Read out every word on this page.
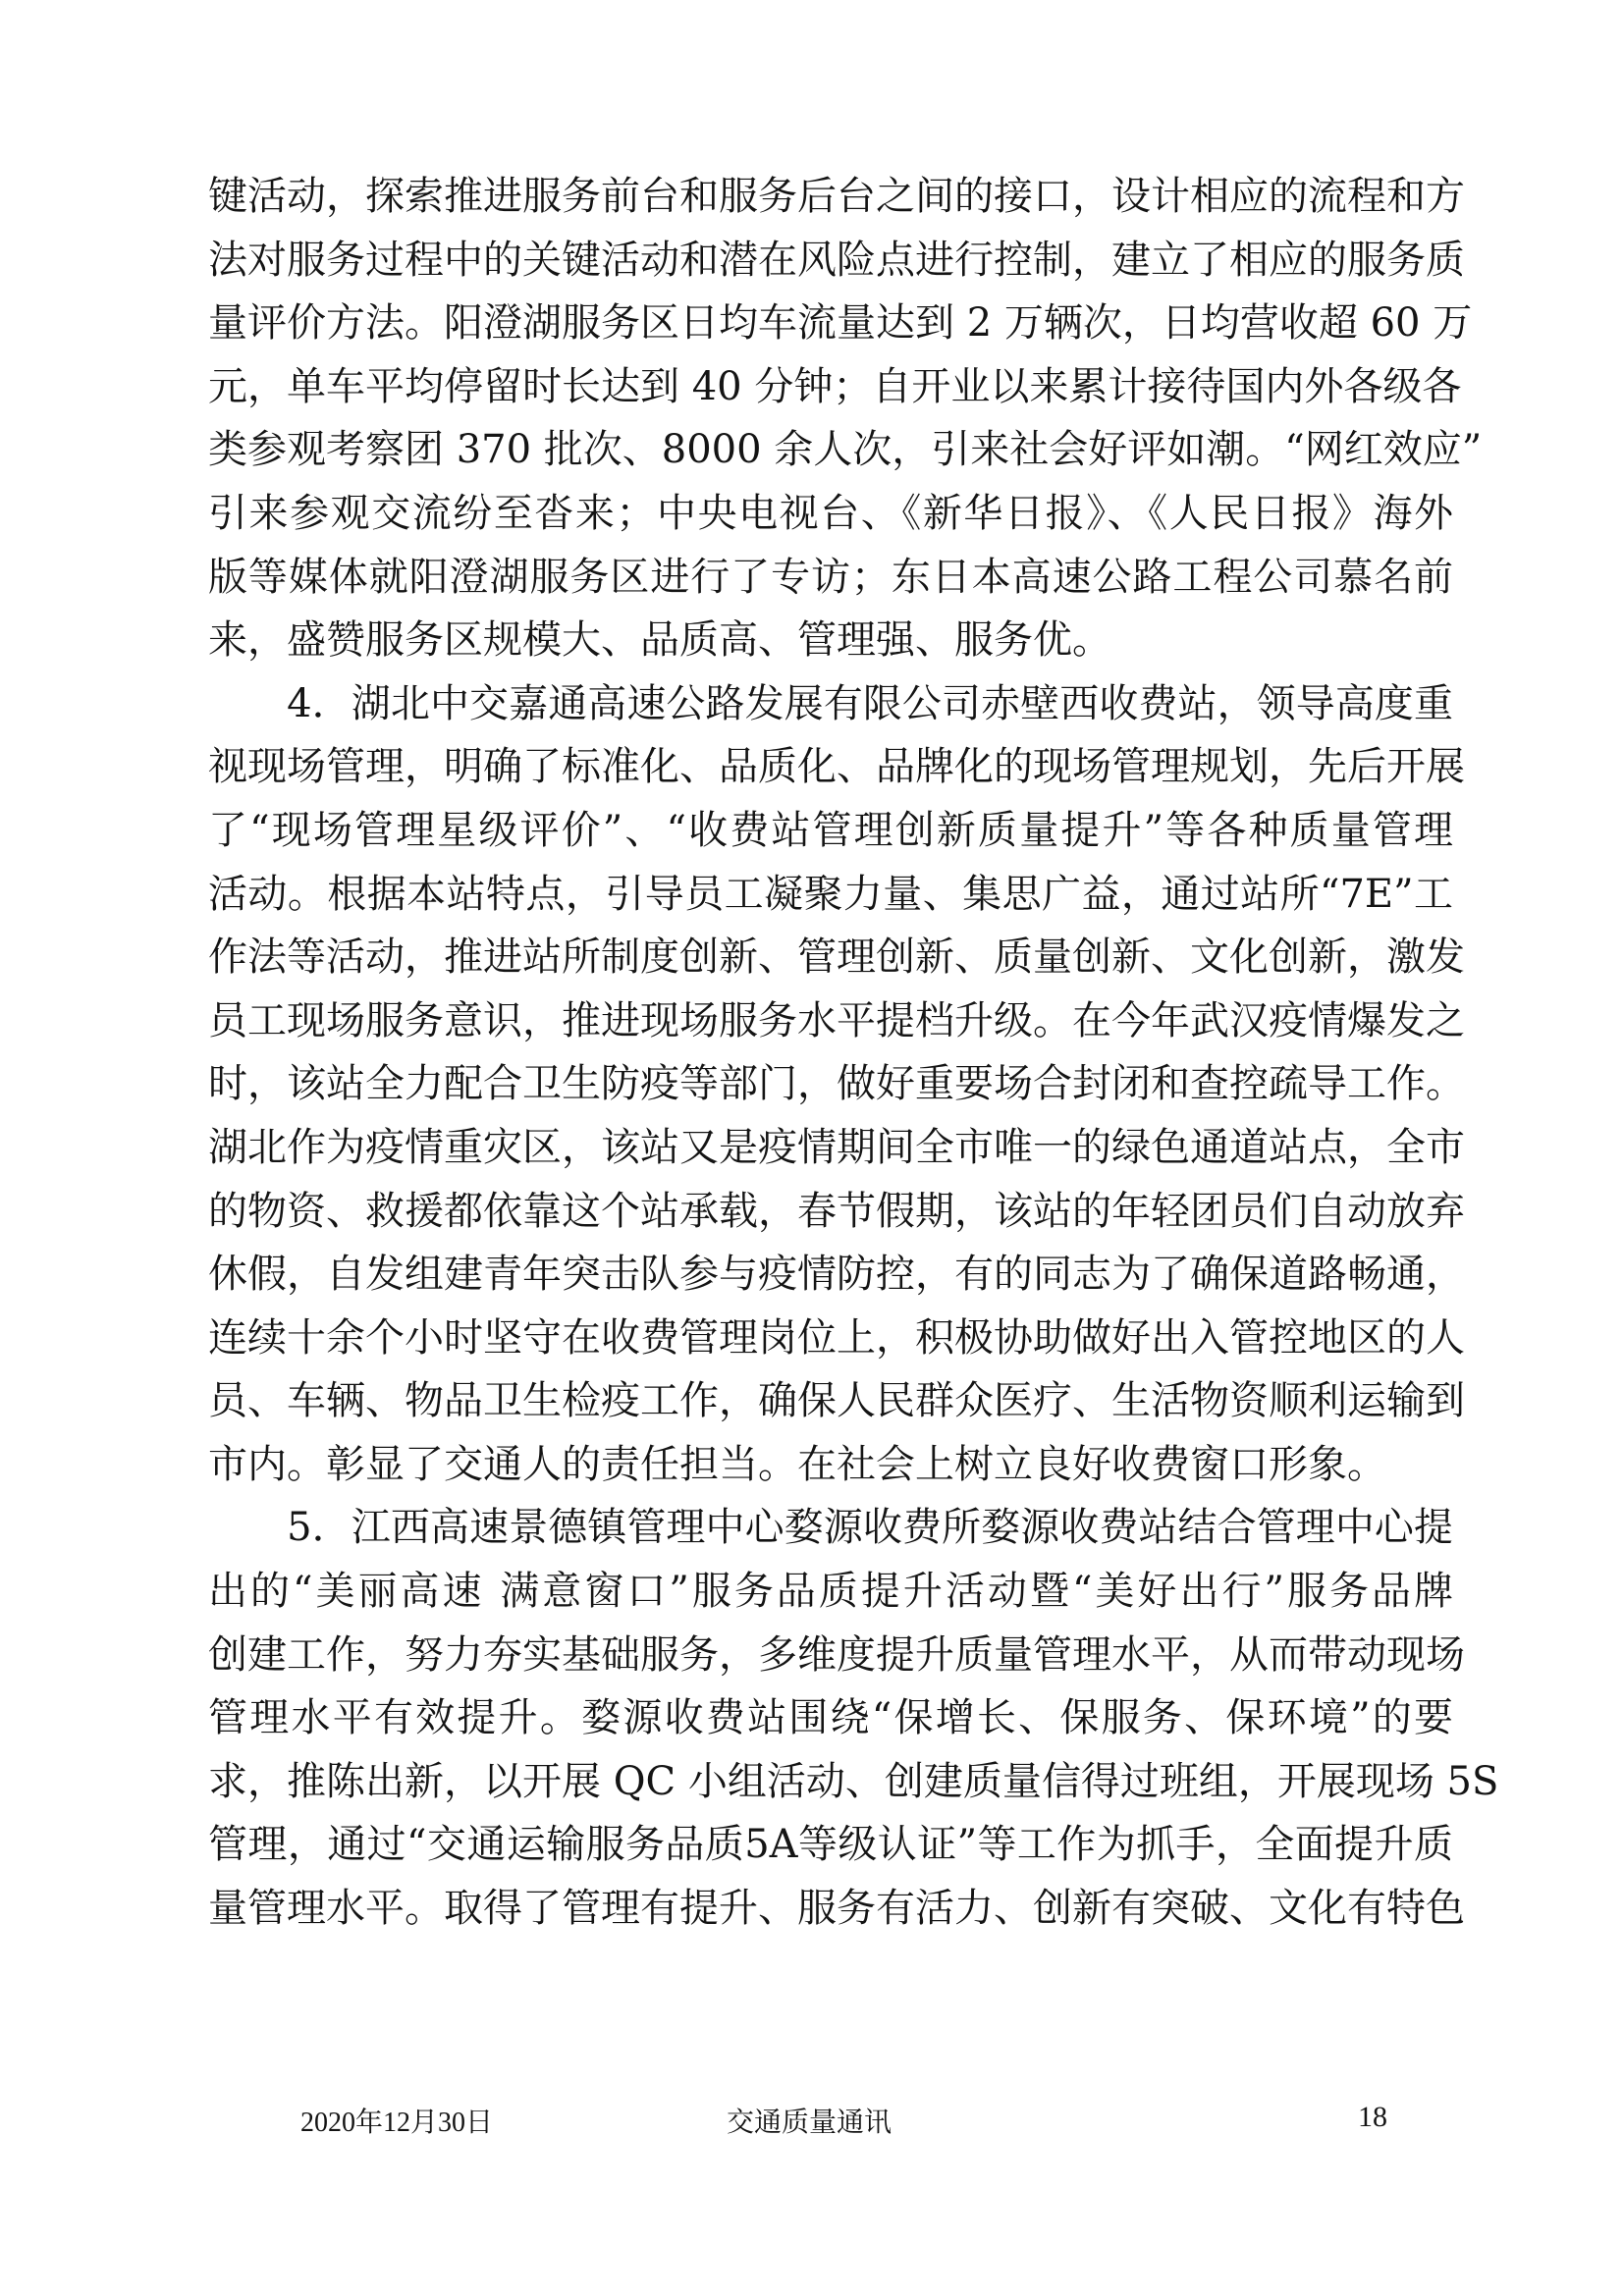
键活动，探索推进服务前台和服务后台之间的接口，设计相应的流程和方
法对服务过程中的关键活动和潜在风险点进行控制，建立了相应的服务质
量评价方法。阳澄湖服务区日均车流量达到 2 万辆次，日均营收超 60 万
元，单车平均停留时长达到 40 分钟；自开业以来累计接待国内外各级各
类参观考察团 370 批次、8000 余人次，引来社会好评如潮。“网红效应”
引来参观交流纷至沓来；中央电视台、《新华日报》、《人民日报》海外
版等媒体就阳澄湖服务区进行了专访；东日本高速公路工程公司慕名前
来，盛赞服务区规模大、品质高、管理强、服务优。
　　4．湖北中交嘉通高速公路发展有限公司赤壁西收费站，领导高度重
视现场管理，明确了标准化、品质化、品牌化的现场管理规划，先后开展
了“现场管理星级评价”、“收费站管理创新质量提升”等各种质量管理
活动。根据本站特点，引导员工凝聚力量、集思广益，通过站所“7E”工
作法等活动，推进站所制度创新、管理创新、质量创新、文化创新，激发
员工现场服务意识，推进现场服务水平提档升级。在今年武汉疫情爆发之
时，该站全力配合卫生防疫等部门，做好重要场合封闭和查控疏导工作。
湖北作为疫情重灾区，该站又是疫情期间全市唯一的绿色通道站点，全市
的物资、救援都依靠这个站承载，春节假期，该站的年轻团员们自动放弃
休假，自发组建青年突击队参与疫情防控，有的同志为了确保道路畅通，
连续十余个小时坚守在收费管理岗位上，积极协助做好出入管控地区的人
员、车辆、物品卫生检疫工作，确保人民群众医疗、生活物资顺利运输到
市内。彰显了交通人的责任担当。在社会上树立良好收费窗口形象。
　　5．江西高速景德镇管理中心婺源收费所婺源收费站结合管理中心提
出的“美丽高速 满意窗口”服务品质提升活动暨“美好出行”服务品牌
创建工作，努力夯实基础服务，多维度提升质量管理水平，从而带动现场
管理水平有效提升。婺源收费站围绕“保增长、保服务、保环境”的要
求，推陈出新，以开展 QC 小组活动、创建质量信得过班组，开展现场 5S
管理，通过“交通运输服务品质5A等级认证”等工作为抓手，全面提升质
量管理水平。取得了管理有提升、服务有活力、创新有突破、文化有特色
2020年12月30日	交通质量通讯	18
